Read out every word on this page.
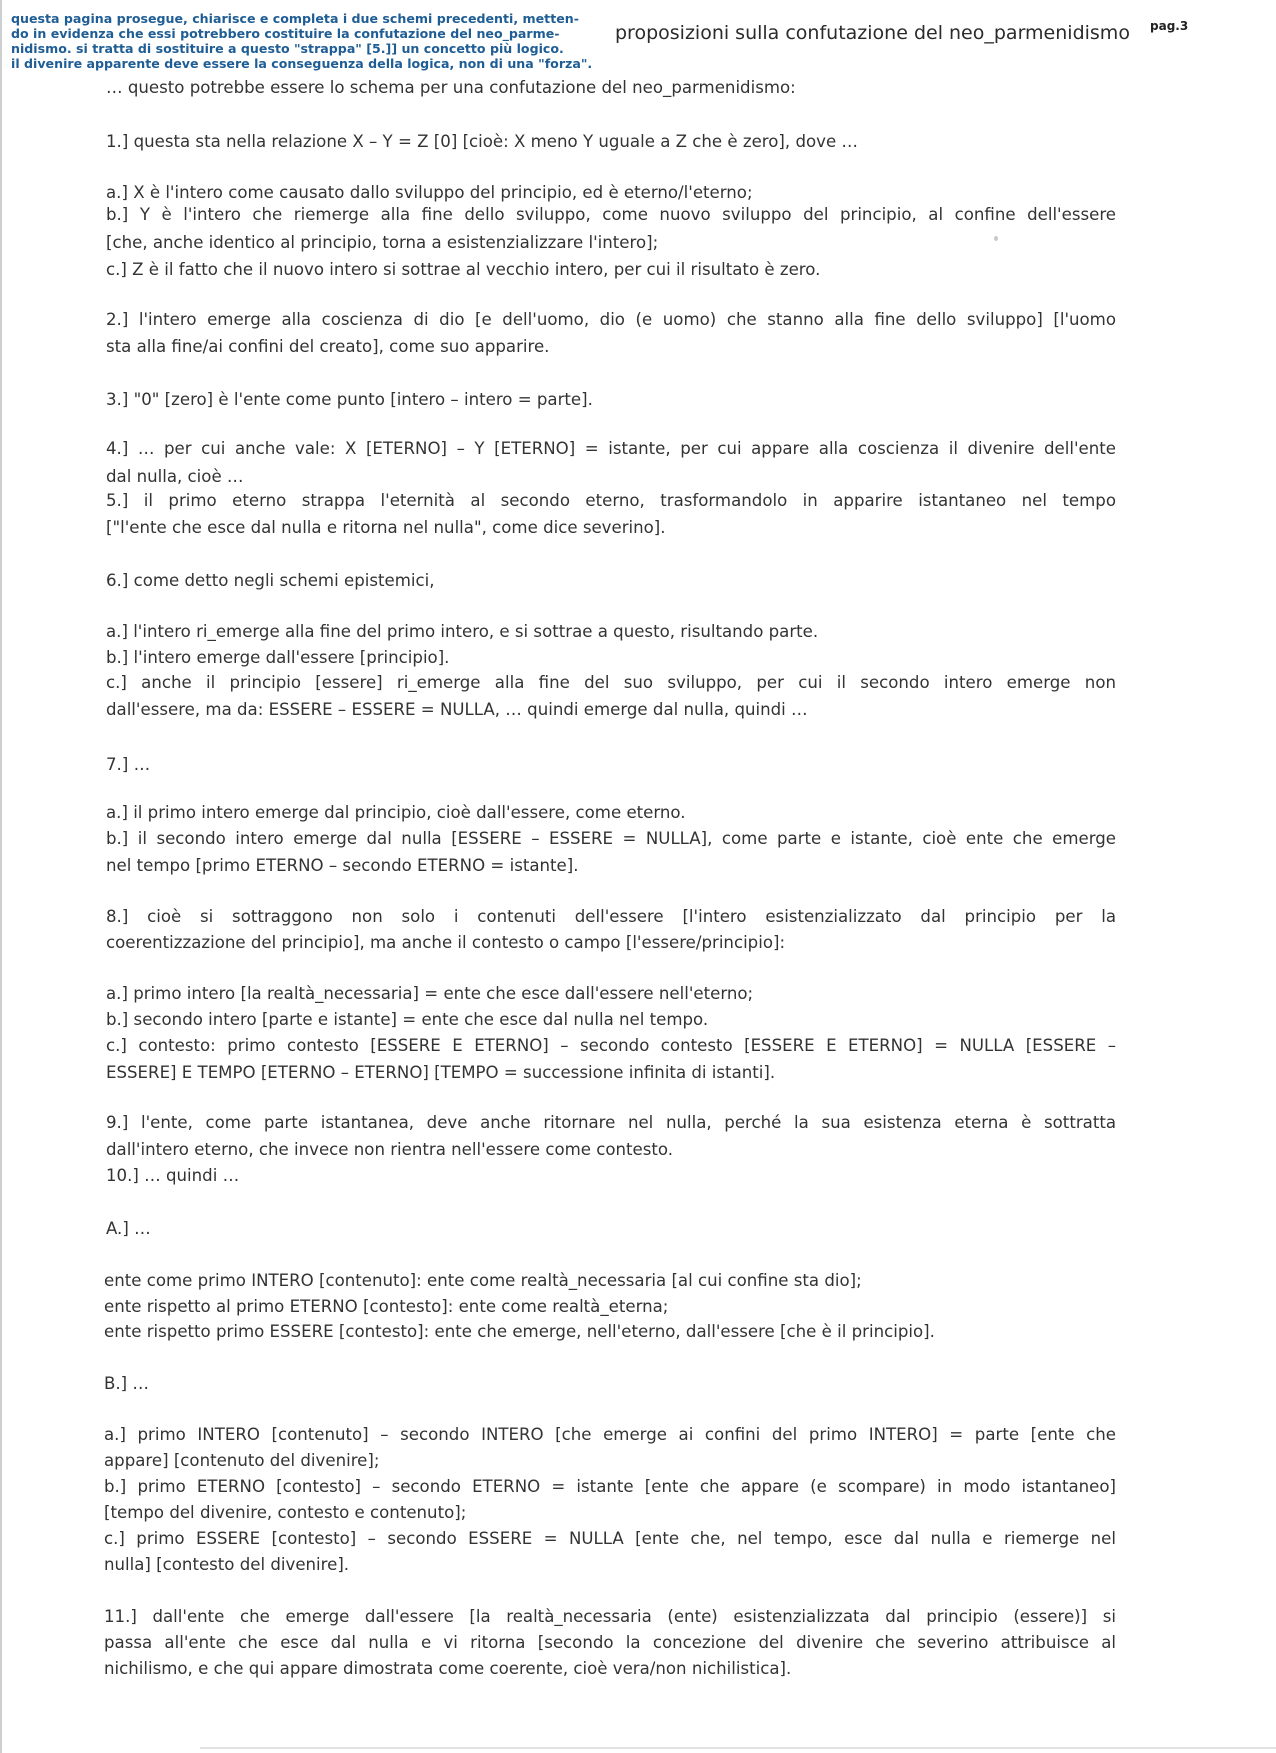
questa pagina prosegue, chiarisce e completa i due schemi precedenti, metten-
do in evidenza che essi potrebbero costituire la confutazione del neo_parme-
nidismo. si tratta di sostituire a questo "strappa" [5.]] un concetto più logico.
il divenire apparente deve essere la conseguenza della logica, non di una "forza".
proposizioni sulla confutazione del neo_parmenidismo pag.3
… questo potrebbe essere lo schema per una confutazione del neo_parmenidismo:
1.] questa sta nella relazione X – Y = Z [0] [cioè: X meno Y uguale a Z che è zero], dove …
a.] X è l'intero come causato dallo sviluppo del principio, ed è eterno/l'eterno;
b.] Y è l'intero che riemerge alla fine dello sviluppo, come nuovo sviluppo del principio, al confine dell'essere
[che, anche identico al principio, torna a esistenzializzare l'intero];
c.] Z è il fatto che il nuovo intero si sottrae al vecchio intero, per cui il risultato è zero.
2.] l'intero emerge alla coscienza di dio [e dell'uomo, dio (e uomo) che stanno alla fine dello sviluppo] [l'uomo
sta alla fine/ai confini del creato], come suo apparire.
3.] "0" [zero] è l'ente come punto [intero – intero = parte].
4.] … per cui anche vale: X [ETERNO] – Y [ETERNO] = istante, per cui appare alla coscienza il divenire dell'ente
dal nulla, cioè …
5.] il primo eterno strappa l'eternità al secondo eterno, trasformandolo in apparire istantaneo nel tempo
["l'ente che esce dal nulla e ritorna nel nulla", come dice severino].
6.] come detto negli schemi epistemici,
a.] l'intero ri_emerge alla fine del primo intero, e si sottrae a questo, risultando parte.
b.] l'intero emerge dall'essere [principio].
c.] anche il principio [essere] ri_emerge alla fine del suo sviluppo, per cui il secondo intero emerge non
dall'essere, ma da: ESSERE – ESSERE = NULLA, … quindi emerge dal nulla, quindi …
7.] …
a.] il primo intero emerge dal principio, cioè dall'essere, come eterno.
b.] il secondo intero emerge dal nulla [ESSERE – ESSERE = NULLA], come parte e istante, cioè ente che emerge
nel tempo [primo ETERNO – secondo ETERNO = istante].
8.] cioè si sottraggono non solo i contenuti dell'essere [l'intero esistenzializzato dal principio per la
coerentizzazione del principio], ma anche il contesto o campo [l'essere/principio]:
a.] primo intero [la realtà_necessaria] = ente che esce dall'essere nell'eterno;
b.] secondo intero [parte e istante] = ente che esce dal nulla nel tempo.
c.] contesto: primo contesto [ESSERE E ETERNO] – secondo contesto [ESSERE E ETERNO] = NULLA [ESSERE –
ESSERE] E TEMPO [ETERNO – ETERNO] [TEMPO = successione infinita di istanti].
9.] l'ente, come parte istantanea, deve anche ritornare nel nulla, perché la sua esistenza eterna è sottratta
dall'intero eterno, che invece non rientra nell'essere come contesto.
10.] … quindi …
A.] …
ente come primo INTERO [contenuto]: ente come realtà_necessaria [al cui confine sta dio];
ente rispetto al primo ETERNO [contesto]: ente come realtà_eterna;
ente rispetto primo ESSERE [contesto]: ente che emerge, nell'eterno, dall'essere [che è il principio].
B.] …
a.] primo INTERO [contenuto] – secondo INTERO [che emerge ai confini del primo INTERO] = parte [ente che
appare] [contenuto del divenire];
b.] primo ETERNO [contesto] – secondo ETERNO = istante [ente che appare (e scompare) in modo istantaneo]
[tempo del divenire, contesto e contenuto];
c.] primo ESSERE [contesto] – secondo ESSERE = NULLA [ente che, nel tempo, esce dal nulla e riemerge nel
nulla] [contesto del divenire].
11.] dall'ente che emerge dall'essere [la realtà_necessaria (ente) esistenzializzata dal principio (essere)] si
passa all'ente che esce dal nulla e vi ritorna [secondo la concezione del divenire che severino attribuisce al
nichilismo, e che qui appare dimostrata come coerente, cioè vera/non nichilistica].
